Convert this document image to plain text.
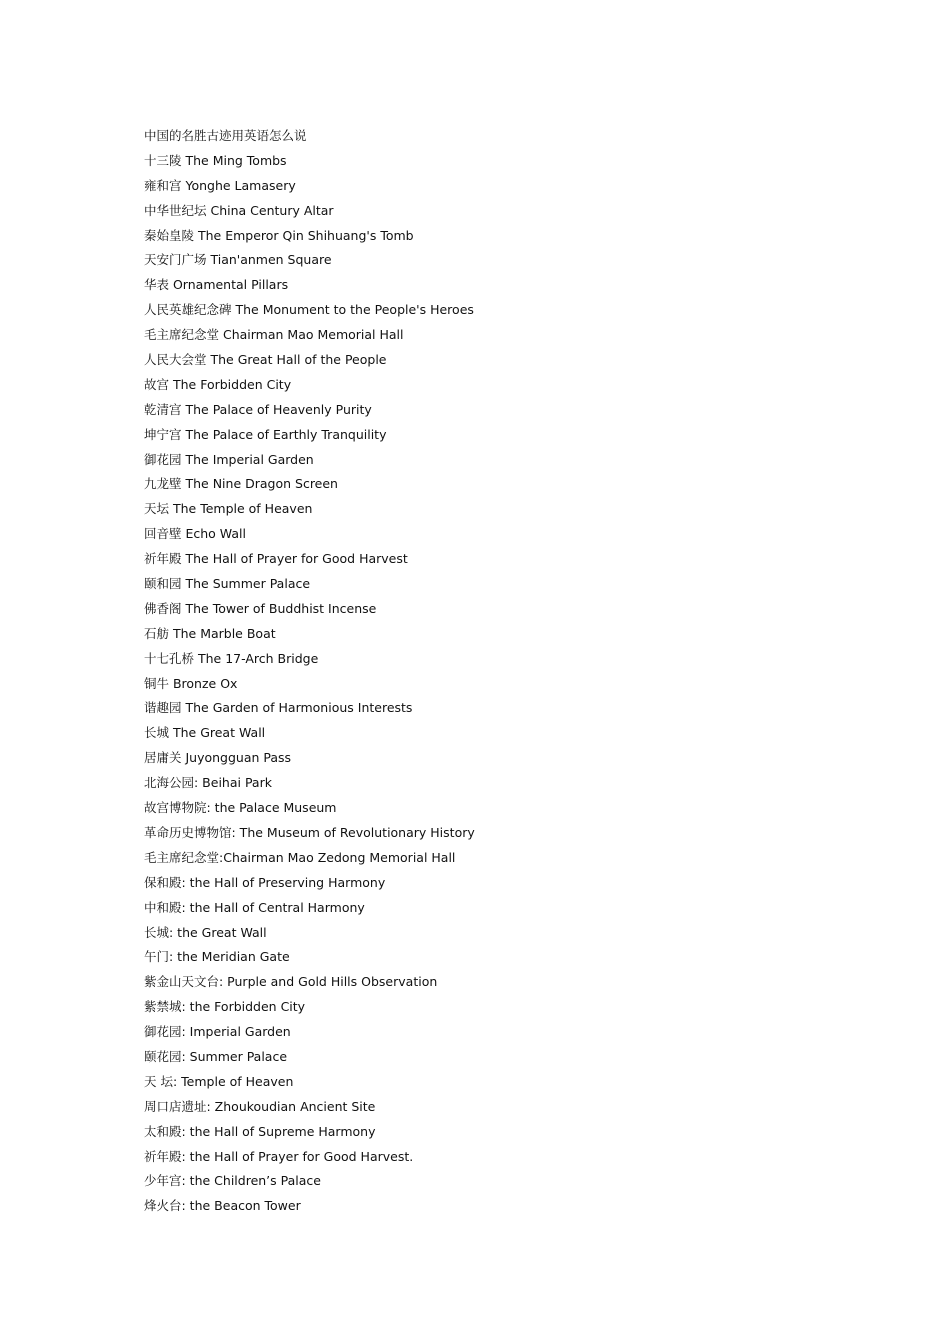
中国的名胜古迹用英语怎么说
十三陵 The Ming Tombs
雍和宫 Yonghe Lamasery
中华世纪坛 China Century Altar
秦始皇陵 The Emperor Qin Shihuang's Tomb
天安门广场 Tian'anmen Square
华表 Ornamental Pillars
人民英雄纪念碑 The Monument to the People's Heroes
毛主席纪念堂 Chairman Mao Memorial Hall
人民大会堂 The Great Hall of the People
故宫 The Forbidden City
乾清宫 The Palace of Heavenly Purity
坤宁宫 The Palace of Earthly Tranquility
御花园 The Imperial Garden
九龙壁 The Nine Dragon Screen
天坛 The Temple of Heaven
回音壁 Echo Wall
祈年殿 The Hall of Prayer for Good Harvest
颐和园 The Summer Palace
佛香阁 The Tower of Buddhist Incense
石舫 The Marble Boat
十七孔桥 The 17-Arch Bridge
铜牛 Bronze Ox
谐趣园 The Garden of Harmonious Interests
长城 The Great Wall
居庸关 Juyongguan Pass
北海公园: Beihai Park
故宫博物院: the Palace Museum
革命历史博物馆: The Museum of Revolutionary History
毛主席纪念堂:Chairman Mao Zedong Memorial Hall
保和殿: the Hall of Preserving Harmony
中和殿: the Hall of Central Harmony
长城: the Great Wall
午门: the Meridian Gate
紫金山天文台: Purple and Gold Hills Observation
紫禁城: the Forbidden City
御花园: Imperial Garden
颐花园: Summer Palace
天 坛: Temple of Heaven
周口店遗址: Zhoukoudian Ancient Site
太和殿: the Hall of Supreme Harmony
祈年殿: the Hall of Prayer for Good Harvest.
少年宫: the Children’s Palace
烽火台: the Beacon Tower
